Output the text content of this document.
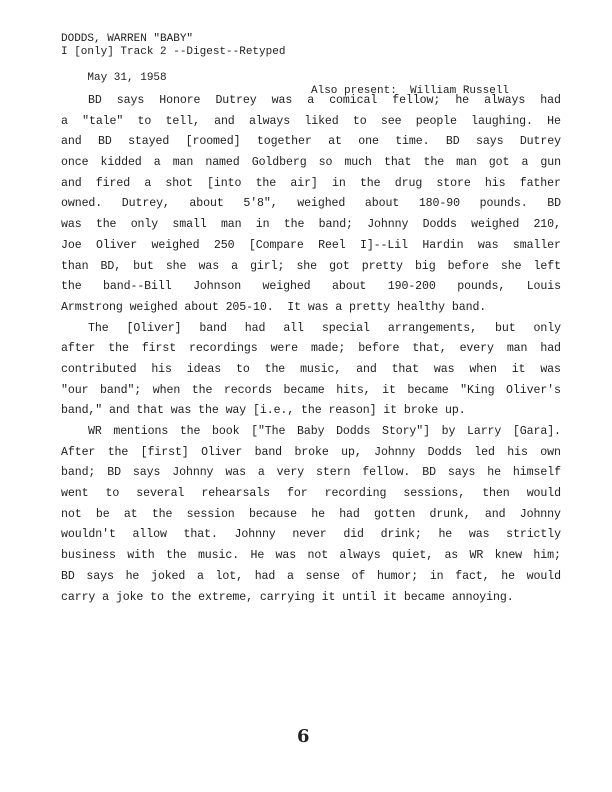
DODDS, WARREN "BABY"
I [only] Track 2 --Digest--Retyped

May 31, 1958

Also present:  William Russell

BD says Honore Dutrey was a comical fellow; he always had
a "tale" to tell, and always liked to see people laughing. He
and BD stayed [roomed] together at one time. BD says Dutrey
once kidded a man named Goldberg so much that the man got a gun
and fired a shot [into the air] in the drug store his father
owned. Dutrey, about 5'8", weighed about 180-90 pounds. BD
was the only small man in the band; Johnny Dodds weighed 210,
Joe Oliver weighed 250 [Compare Reel I]--Lil Hardin was smaller
than BD, but she was a girl; she got pretty big before she left
the band--Bill Johnson weighed about 190-200 pounds, Louis
Armstrong weighed about 205-10.  It was a pretty healthy band.
The [Oliver] band had all special arrangements, but only
after the first recordings were made; before that, every man had
contributed his ideas to the music, and that was when it was
"our band"; when the records became hits, it became "King Oliver's
band," and that was the way [i.e., the reason] it broke up.
WR mentions the book ["The Baby Dodds Story"] by Larry [Gara].
After the [first] Oliver band broke up, Johnny Dodds led his own
band; BD says Johnny was a very stern fellow. BD says he himself
went to several rehearsals for recording sessions, then would
not be at the session because he had gotten drunk, and Johnny
wouldn't allow that. Johnny never did drink; he was strictly
business with the music. He was not always quiet, as WR knew him;
BD says he joked a lot, had a sense of humor; in fact, he would
carry a joke to the extreme, carrying it until it became annoying.
6
